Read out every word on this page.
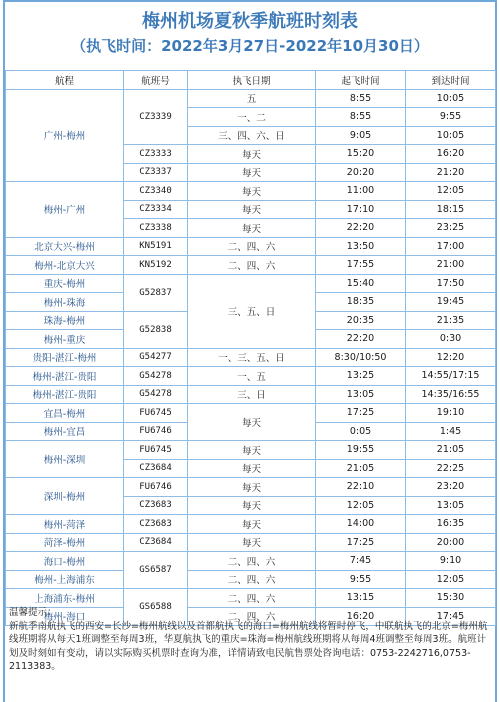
梅州机场夏秋季航班时刻表
（执飞时间：2022年3月27日-2022年10月30日）
航程	航班号	执飞日期	起飞时间	到达时间
广州-梅州	CZ3339	五	8:55	10:05
		一、二	8:55	9:55
		三、四、六、日	9:05	10:05
	CZ3333	每天	15:20	16:20
	CZ3337	每天	20:20	21:20
梅州-广州	CZ3340	每天	11:00	12:05
	CZ3334	每天	17:10	18:15
	CZ3338	每天	22:20	23:25
北京大兴-梅州	KN5191	二、四、六	13:50	17:00
梅州-北京大兴	KN5192	二、四、六	17:55	21:00
重庆-梅州	G52837	三、五、日	15:40	17:50
梅州-珠海			18:35	19:45
珠海-梅州	G52838		20:35	21:35
梅州-重庆			22:20	0:30
贵阳-湛江-梅州	G54277	一、三、五、日	8:30/10:50	12:20
梅州-湛江-贵阳	G54278	一、五	13:25	14:55/17:15
梅州-湛江-贵阳	G54278	三、日	13:05	14:35/16:55
宜昌-梅州	FU6745	每天	17:25	19:10
梅州-宜昌	FU6746		0:05	1:45
梅州-深圳	FU6745	每天	19:55	21:05
	CZ3684	每天	21:05	22:25
深圳-梅州	FU6746	每天	22:10	23:20
	CZ3683	每天	12:05	13:05
梅州-菏泽	CZ3683	每天	14:00	16:35
菏泽-梅州	CZ3684	每天	17:25	20:00
海口-梅州	GS6587	二、四、六	7:45	9:10
梅州-上海浦东		二、四、六	9:55	12:05
上海浦东-梅州	GS6588	二、四、六	13:15	15:30
梅州-海口		二、四、六	16:20	17:45

温馨提示：

新航季南航执飞的西安=长沙=梅州航线以及首都航执飞的海口=梅州航线将暂时停飞，中联航执飞的北京=梅州航线班期将从每天1班调整至每周3班，华夏航执飞的重庆=珠海=梅州航线班期将从每周4班调整至每周3班。航班计划及时刻如有变动，请以实际购买机票时查询为准，详情请致电民航售票处咨询电话：0753-2242716,0753-2113383。
